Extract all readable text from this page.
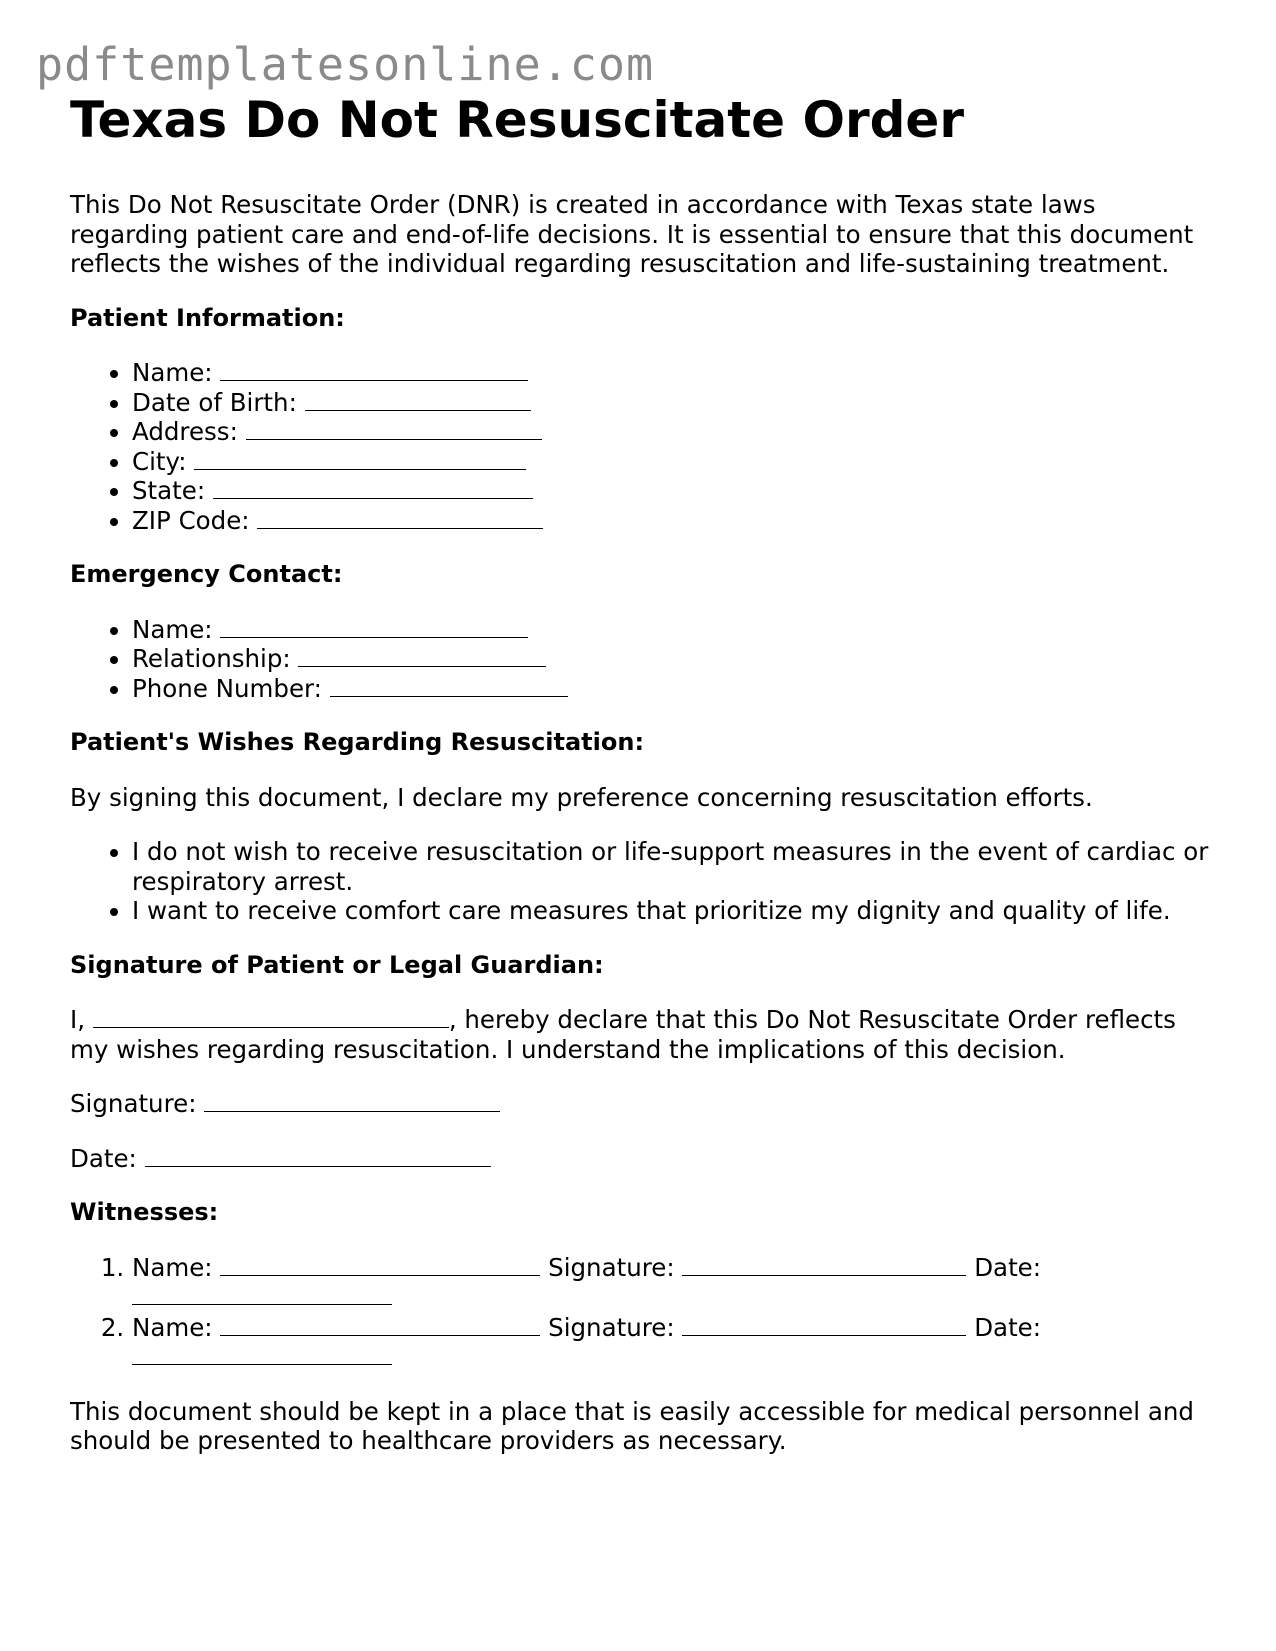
pdftemplatesonline.com
Texas Do Not Resuscitate Order

This Do Not Resuscitate Order (DNR) is created in accordance with Texas state laws regarding patient care and end-of-life decisions. It is essential to ensure that this document reflects the wishes of the individual regarding resuscitation and life-sustaining treatment.

Patient Information:
• Name:
• Date of Birth:
• Address:
• City:
• State:
• ZIP Code:
Emergency Contact:
• Name:
• Relationship:
• Phone Number:
Patient's Wishes Regarding Resuscitation:

By signing this document, I declare my preference concerning resuscitation efforts.

• I do not wish to receive resuscitation or life-support measures in the event of cardiac or respiratory arrest.
• I want to receive comfort care measures that prioritize my dignity and quality of life.
Signature of Patient or Legal Guardian:

I,	, hereby declare that this Do Not Resuscitate Order reflects my wishes regarding resuscitation. I understand the implications of this decision.

Signature:

Date:

Witnesses:
1. Name:	Signature:	Date:
2. Name:	Signature:	Date:

This document should be kept in a place that is easily accessible for medical personnel and should be presented to healthcare providers as necessary.
